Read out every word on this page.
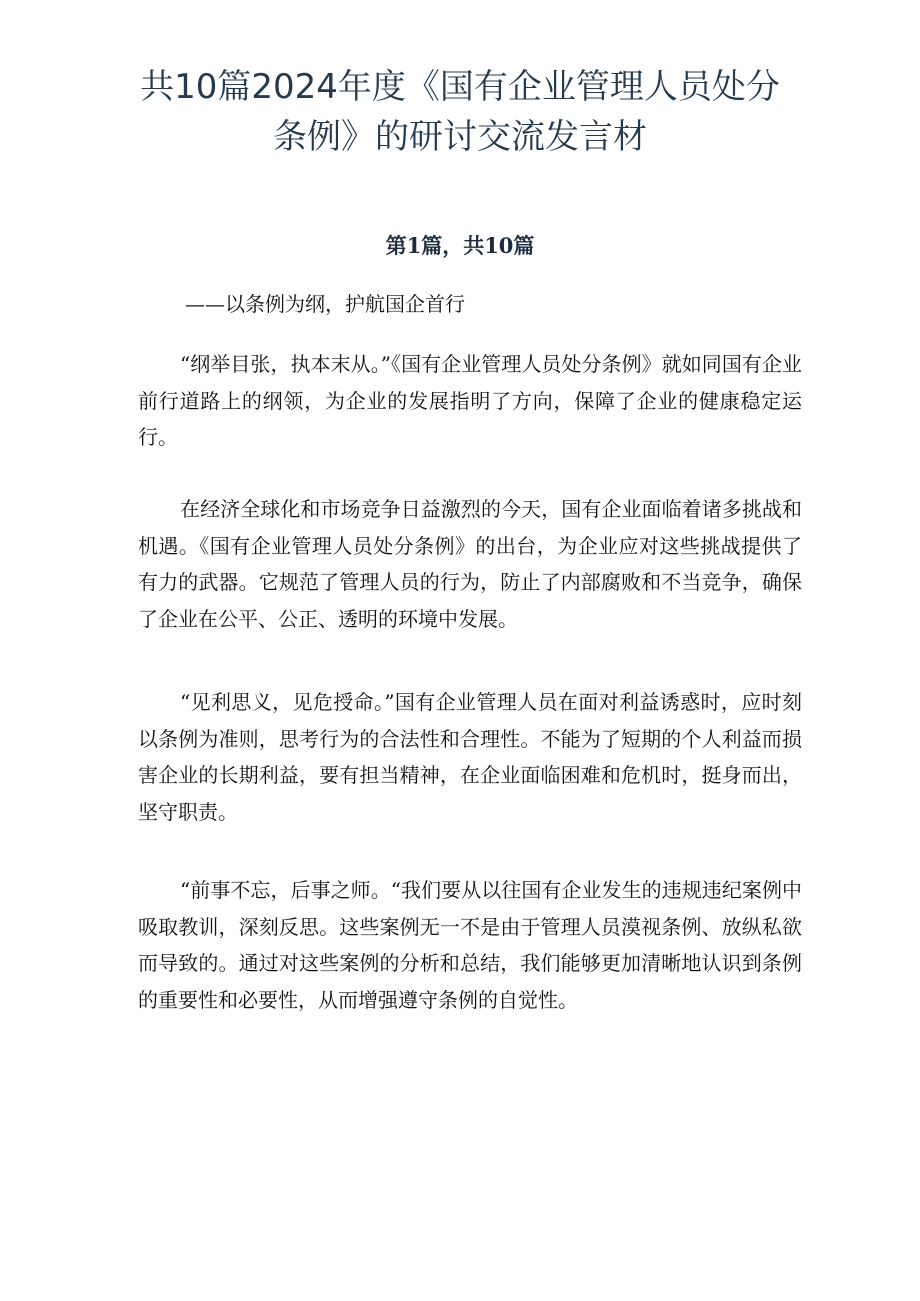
共10篇2024年度《国有企业管理人员处分条例》的研讨交流发言材
第1篇，共10篇

——以条例为纲，护航国企首行

“纲举目张，执本末从。”《国有企业管理人员处分条例》就如同国有企业前行道路上的纲领，为企业的发展指明了方向，保障了企业的健康稳定运行。

在经济全球化和市场竞争日益激烈的今天，国有企业面临着诸多挑战和机遇。《国有企业管理人员处分条例》的出台，为企业应对这些挑战提供了有力的武器。它规范了管理人员的行为，防止了内部腐败和不当竞争，确保了企业在公平、公正、透明的环境中发展。

“见利思义，见危授命。”国有企业管理人员在面对利益诱惑时，应时刻以条例为准则，思考行为的合法性和合理性。不能为了短期的个人利益而损害企业的长期利益，要有担当精神，在企业面临困难和危机时，挺身而出，坚守职责。

“前事不忘，后事之师。“我们要从以往国有企业发生的违规违纪案例中吸取教训，深刻反思。这些案例无一不是由于管理人员漠视条例、放纵私欲而导致的。通过对这些案例的分析和总结，我们能够更加清晰地认识到条例的重要性和必要性，从而增强遵守条例的自觉性。
